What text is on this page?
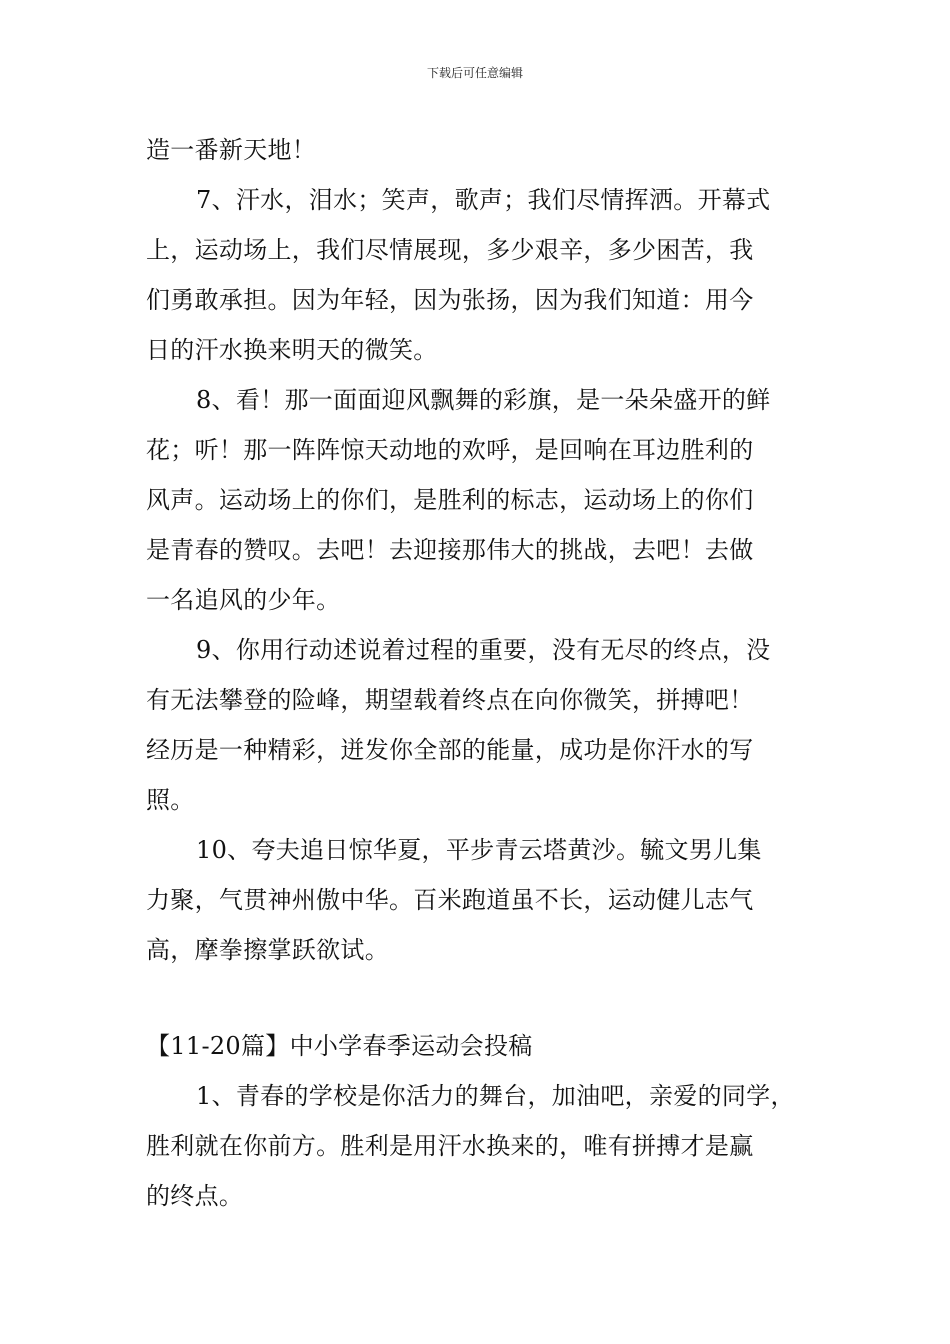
下载后可任意编辑
造一番新天地！
7、汗水，泪水；笑声，歌声；我们尽情挥洒。开幕式
上，运动场上，我们尽情展现，多少艰辛，多少困苦，我
们勇敢承担。因为年轻，因为张扬，因为我们知道：用今
日的汗水换来明天的微笑。
8、看！那一面面迎风飘舞的彩旗，是一朵朵盛开的鲜
花；听！那一阵阵惊天动地的欢呼，是回响在耳边胜利的
风声。运动场上的你们，是胜利的标志，运动场上的你们
是青春的赞叹。去吧！去迎接那伟大的挑战，去吧！去做
一名追风的少年。
9、你用行动述说着过程的重要，没有无尽的终点，没
有无法攀登的险峰，期望载着终点在向你微笑，拼搏吧！
经历是一种精彩，迸发你全部的能量，成功是你汗水的写
照。
10、夸夫追日惊华夏，平步青云塔黄沙。毓文男儿集
力聚，气贯神州傲中华。百米跑道虽不长，运动健儿志气
高，摩拳擦掌跃欲试。
【11-20篇】中小学春季运动会投稿
1、青春的学校是你活力的舞台，加油吧，亲爱的同学，
胜利就在你前方。胜利是用汗水换来的，唯有拼搏才是赢
的终点。
